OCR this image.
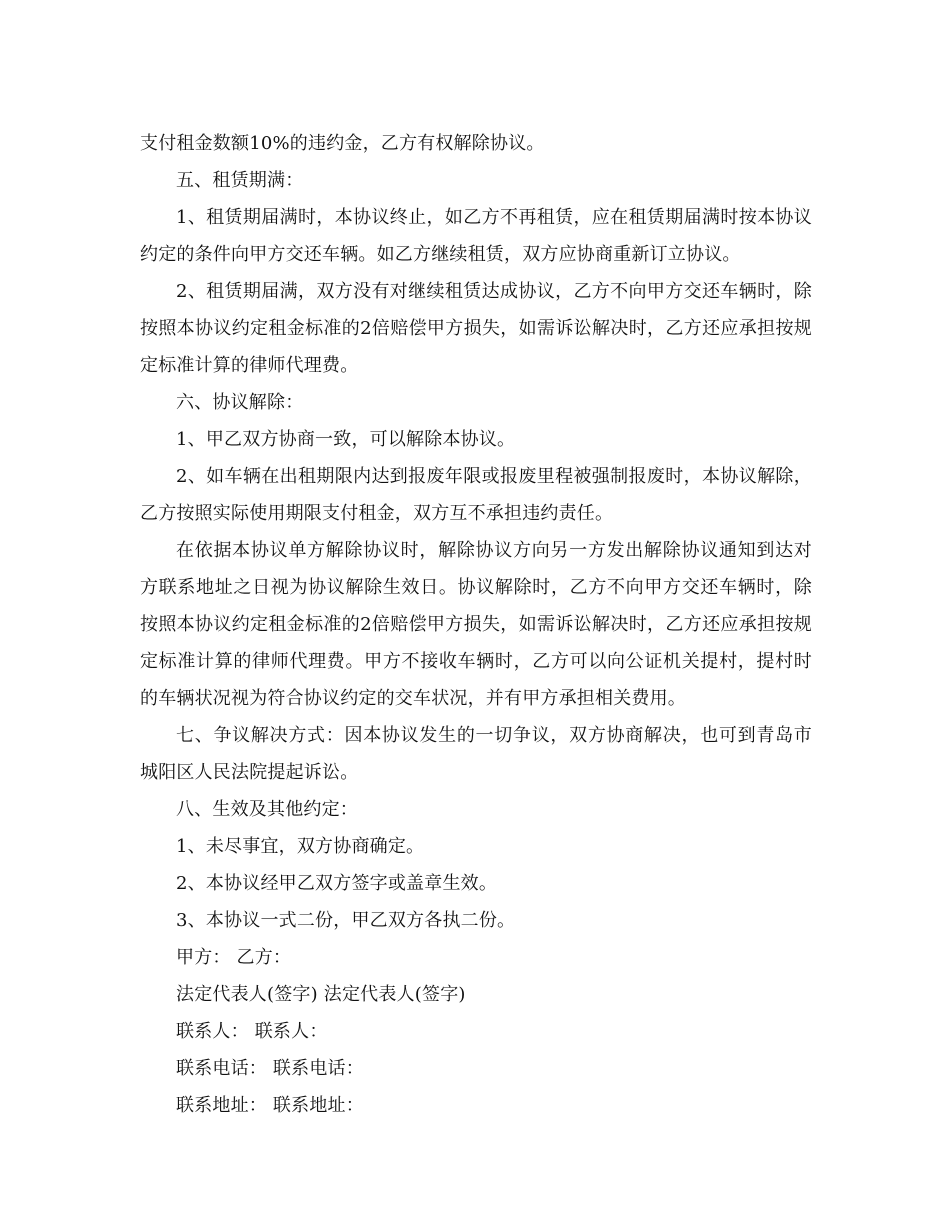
支付租金数额10%的违约金，乙方有权解除协议。

五、租赁期满：

1、租赁期届满时，本协议终止，如乙方不再租赁，应在租赁期届满时按本协议约定的条件向甲方交还车辆。如乙方继续租赁，双方应协商重新订立协议。

2、租赁期届满，双方没有对继续租赁达成协议，乙方不向甲方交还车辆时，除按照本协议约定租金标准的2倍赔偿甲方损失，如需诉讼解决时，乙方还应承担按规定标准计算的律师代理费。

六、协议解除：

1、甲乙双方协商一致，可以解除本协议。

2、如车辆在出租期限内达到报废年限或报废里程被强制报废时，本协议解除，乙方按照实际使用期限支付租金，双方互不承担违约责任。

在依据本协议单方解除协议时，解除协议方向另一方发出解除协议通知到达对方联系地址之日视为协议解除生效日。协议解除时，乙方不向甲方交还车辆时，除按照本协议约定租金标准的2倍赔偿甲方损失，如需诉讼解决时，乙方还应承担按规定标准计算的律师代理费。甲方不接收车辆时，乙方可以向公证机关提村，提村时的车辆状况视为符合协议约定的交车状况，并有甲方承担相关费用。

七、争议解决方式：因本协议发生的一切争议，双方协商解决，也可到青岛市城阳区人民法院提起诉讼。

八、生效及其他约定：

1、未尽事宜，双方协商确定。

2、本协议经甲乙双方签字或盖章生效。

3、本协议一式二份，甲乙双方各执二份。

甲方： 乙方：

法定代表人(签字) 法定代表人(签字)

联系人： 联系人：

联系电话： 联系电话：

联系地址： 联系地址：
